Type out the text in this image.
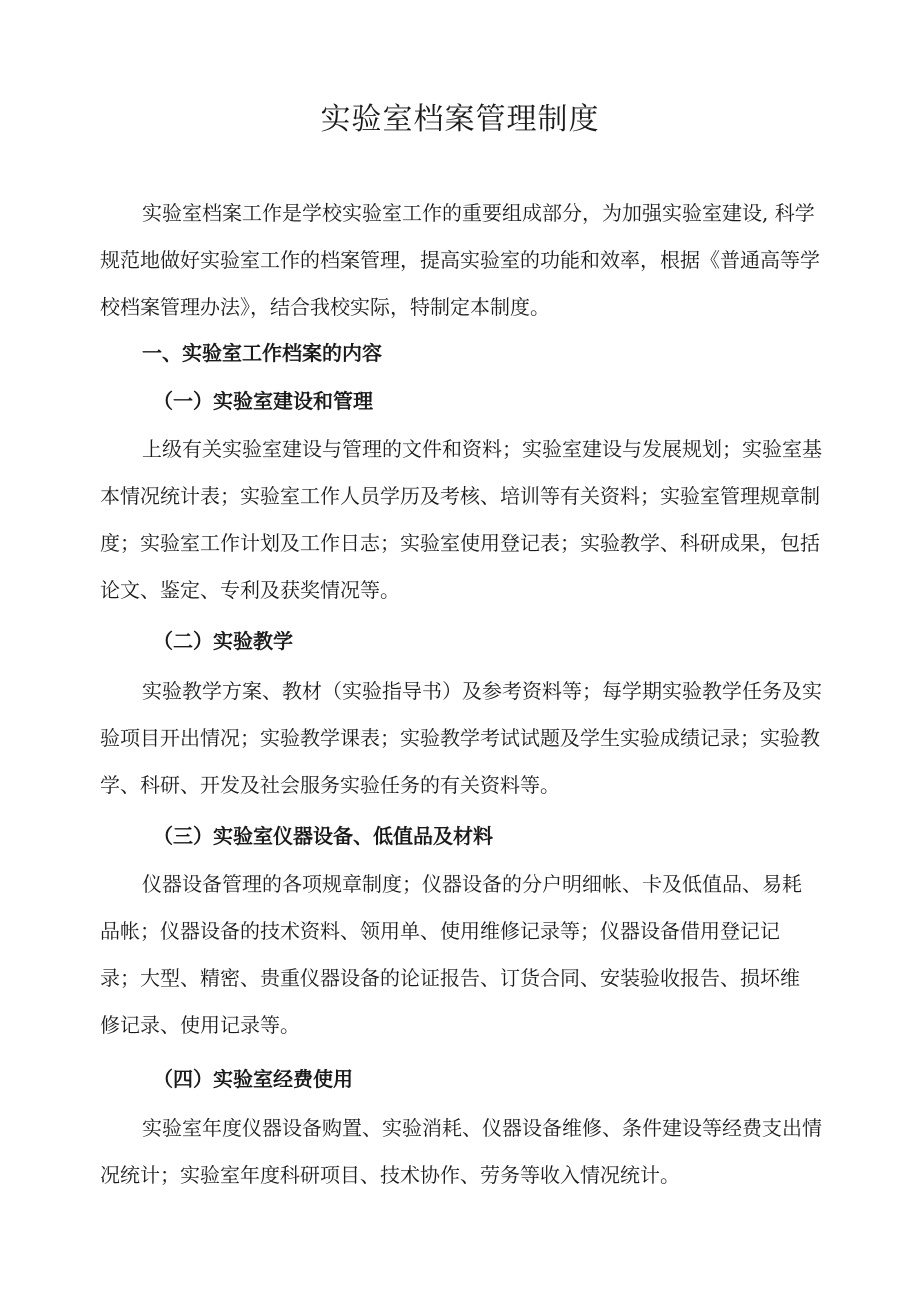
实验室档案管理制度
实验室档案工作是学校实验室工作的重要组成部分，为加强实验室建设, 科学
规范地做好实验室工作的档案管理，提高实验室的功能和效率，根据《普通高等学
校档案管理办法》，结合我校实际，特制定本制度。
一、实验室工作档案的内容
（一）实验室建设和管理
上级有关实验室建设与管理的文件和资料；实验室建设与发展规划；实验室基
本情况统计表；实验室工作人员学历及考核、培训等有关资料；实验室管理规章制
度；实验室工作计划及工作日志；实验室使用登记表；实验教学、科研成果，包括
论文、鉴定、专利及获奖情况等。
（二）实验教学
实验教学方案、教材（实验指导书）及参考资料等；每学期实验教学任务及实
验项目开出情况；实验教学课表；实验教学考试试题及学生实验成绩记录；实验教
学、科研、开发及社会服务实验任务的有关资料等。
（三）实验室仪器设备、低值品及材料
仪器设备管理的各项规章制度；仪器设备的分户明细帐、卡及低值品、易耗
品帐；仪器设备的技术资料、领用单、使用维修记录等；仪器设备借用登记记
录；大型、精密、贵重仪器设备的论证报告、订货合同、安装验收报告、损坏维
修记录、使用记录等。
（四）实验室经费使用
实验室年度仪器设备购置、实验消耗、仪器设备维修、条件建设等经费支出情
况统计；实验室年度科研项目、技术协作、劳务等收入情况统计。
